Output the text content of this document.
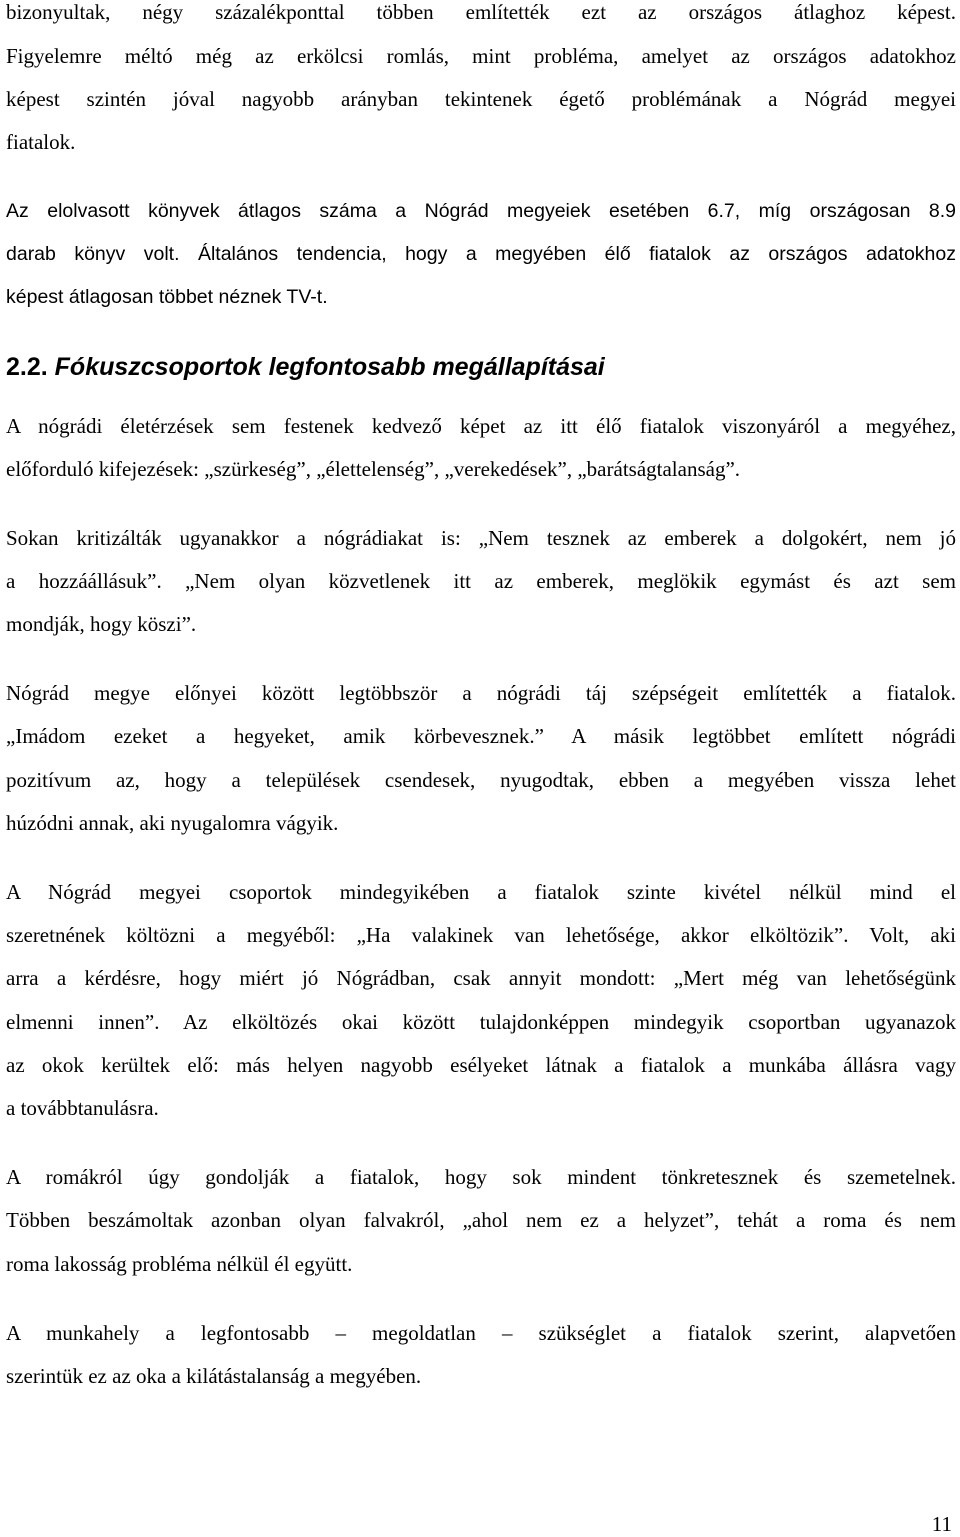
bizonyultak, négy százalékponttal többen említették ezt az országos átlaghoz képest.
Figyelemre méltó még az erkölcsi romlás, mint probléma, amelyet az országos adatokhoz
képest szintén jóval nagyobb arányban tekintenek égető problémának a Nógrád megyei
fiatalok.
Az elolvasott könyvek átlagos száma a Nógrád megyeiek esetében 6.7, míg országosan 8.9
darab könyv volt. Általános tendencia, hogy a megyében élő fiatalok az országos adatokhoz
képest átlagosan többet néznek TV-t.
2.2. Fókuszcsoportok legfontosabb megállapításai
A nógrádi életérzések sem festenek kedvező képet az itt élő fiatalok viszonyáról a megyéhez,
előforduló kifejezések: „szürkeség”, „élettelenség”, „verekedések”, „barátságtalanság”.
Sokan kritizálták ugyanakkor a nógrádiakat is: „Nem tesznek az emberek a dolgokért, nem jó
a hozzáállásuk”. „Nem olyan közvetlenek itt az emberek, meglökik egymást és azt sem
mondják, hogy köszi”.
Nógrád megye előnyei között legtöbbször a nógrádi táj szépségeit említették a fiatalok.
„Imádom ezeket a hegyeket, amik körbevesznek.” A másik legtöbbet említett nógrádi
pozitívum az, hogy a települések csendesek, nyugodtak, ebben a megyében vissza lehet
húzódni annak, aki nyugalomra vágyik.
A Nógrád megyei csoportok mindegyikében a fiatalok szinte kivétel nélkül mind el
szeretnének költözni a megyéből: „Ha valakinek van lehetősége, akkor elköltözik”. Volt, aki
arra a kérdésre, hogy miért jó Nógrádban, csak annyit mondott: „Mert még van lehetőségünk
elmenni innen”. Az elköltözés okai között tulajdonképpen mindegyik csoportban ugyanazok
az okok kerültek elő: más helyen nagyobb esélyeket látnak a fiatalok a munkába állásra vagy
a továbbtanulásra.
A romákról úgy gondolják a fiatalok, hogy sok mindent tönkretesznek és szemetelnek.
Többen beszámoltak azonban olyan falvakról, „ahol nem ez a helyzet”, tehát a roma és nem
roma lakosság probléma nélkül él együtt.
A munkahely a legfontosabb – megoldatlan – szükséglet a fiatalok szerint, alapvetően
szerintük ez az oka a kilátástalanság a megyében.
11
